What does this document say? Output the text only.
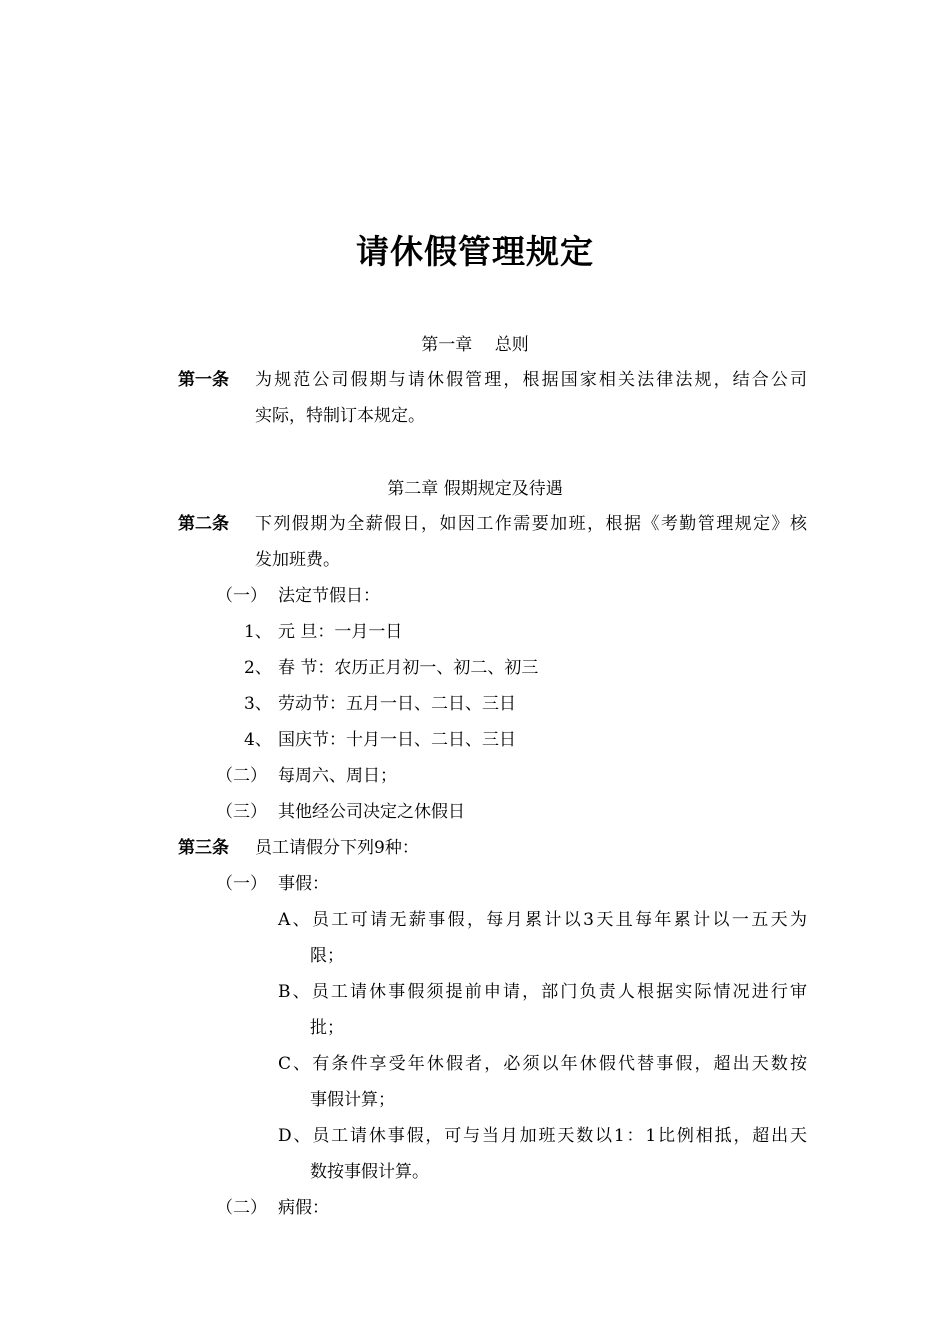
请休假管理规定
第一章　 总则
第一条 为规范公司假期与请休假管理，根据国家相关法律法规，结合公司
实际，特制订本规定。
第二章 假期规定及待遇
第二条 下列假期为全薪假日，如因工作需要加班，根据《考勤管理规定》核
发加班费。
（一） 法定节假日：
1、 元 旦：一月一日
2、 春 节：农历正月初一、初二、初三
3、 劳动节：五月一日、二日、三日
4、 国庆节：十月一日、二日、三日
（二） 每周六、周日；
（三） 其他经公司决定之休假日
第三条 员工请假分下列9种：
（一） 事假：
A、员工可请无薪事假，每月累计以3天且每年累计以一五天为
限；
B、员工请休事假须提前申请，部门负责人根据实际情况进行审
批；
C、有条件享受年休假者，必须以年休假代替事假，超出天数按
事假计算；
D、员工请休事假，可与当月加班天数以1：1比例相抵，超出天
数按事假计算。
（二） 病假：
